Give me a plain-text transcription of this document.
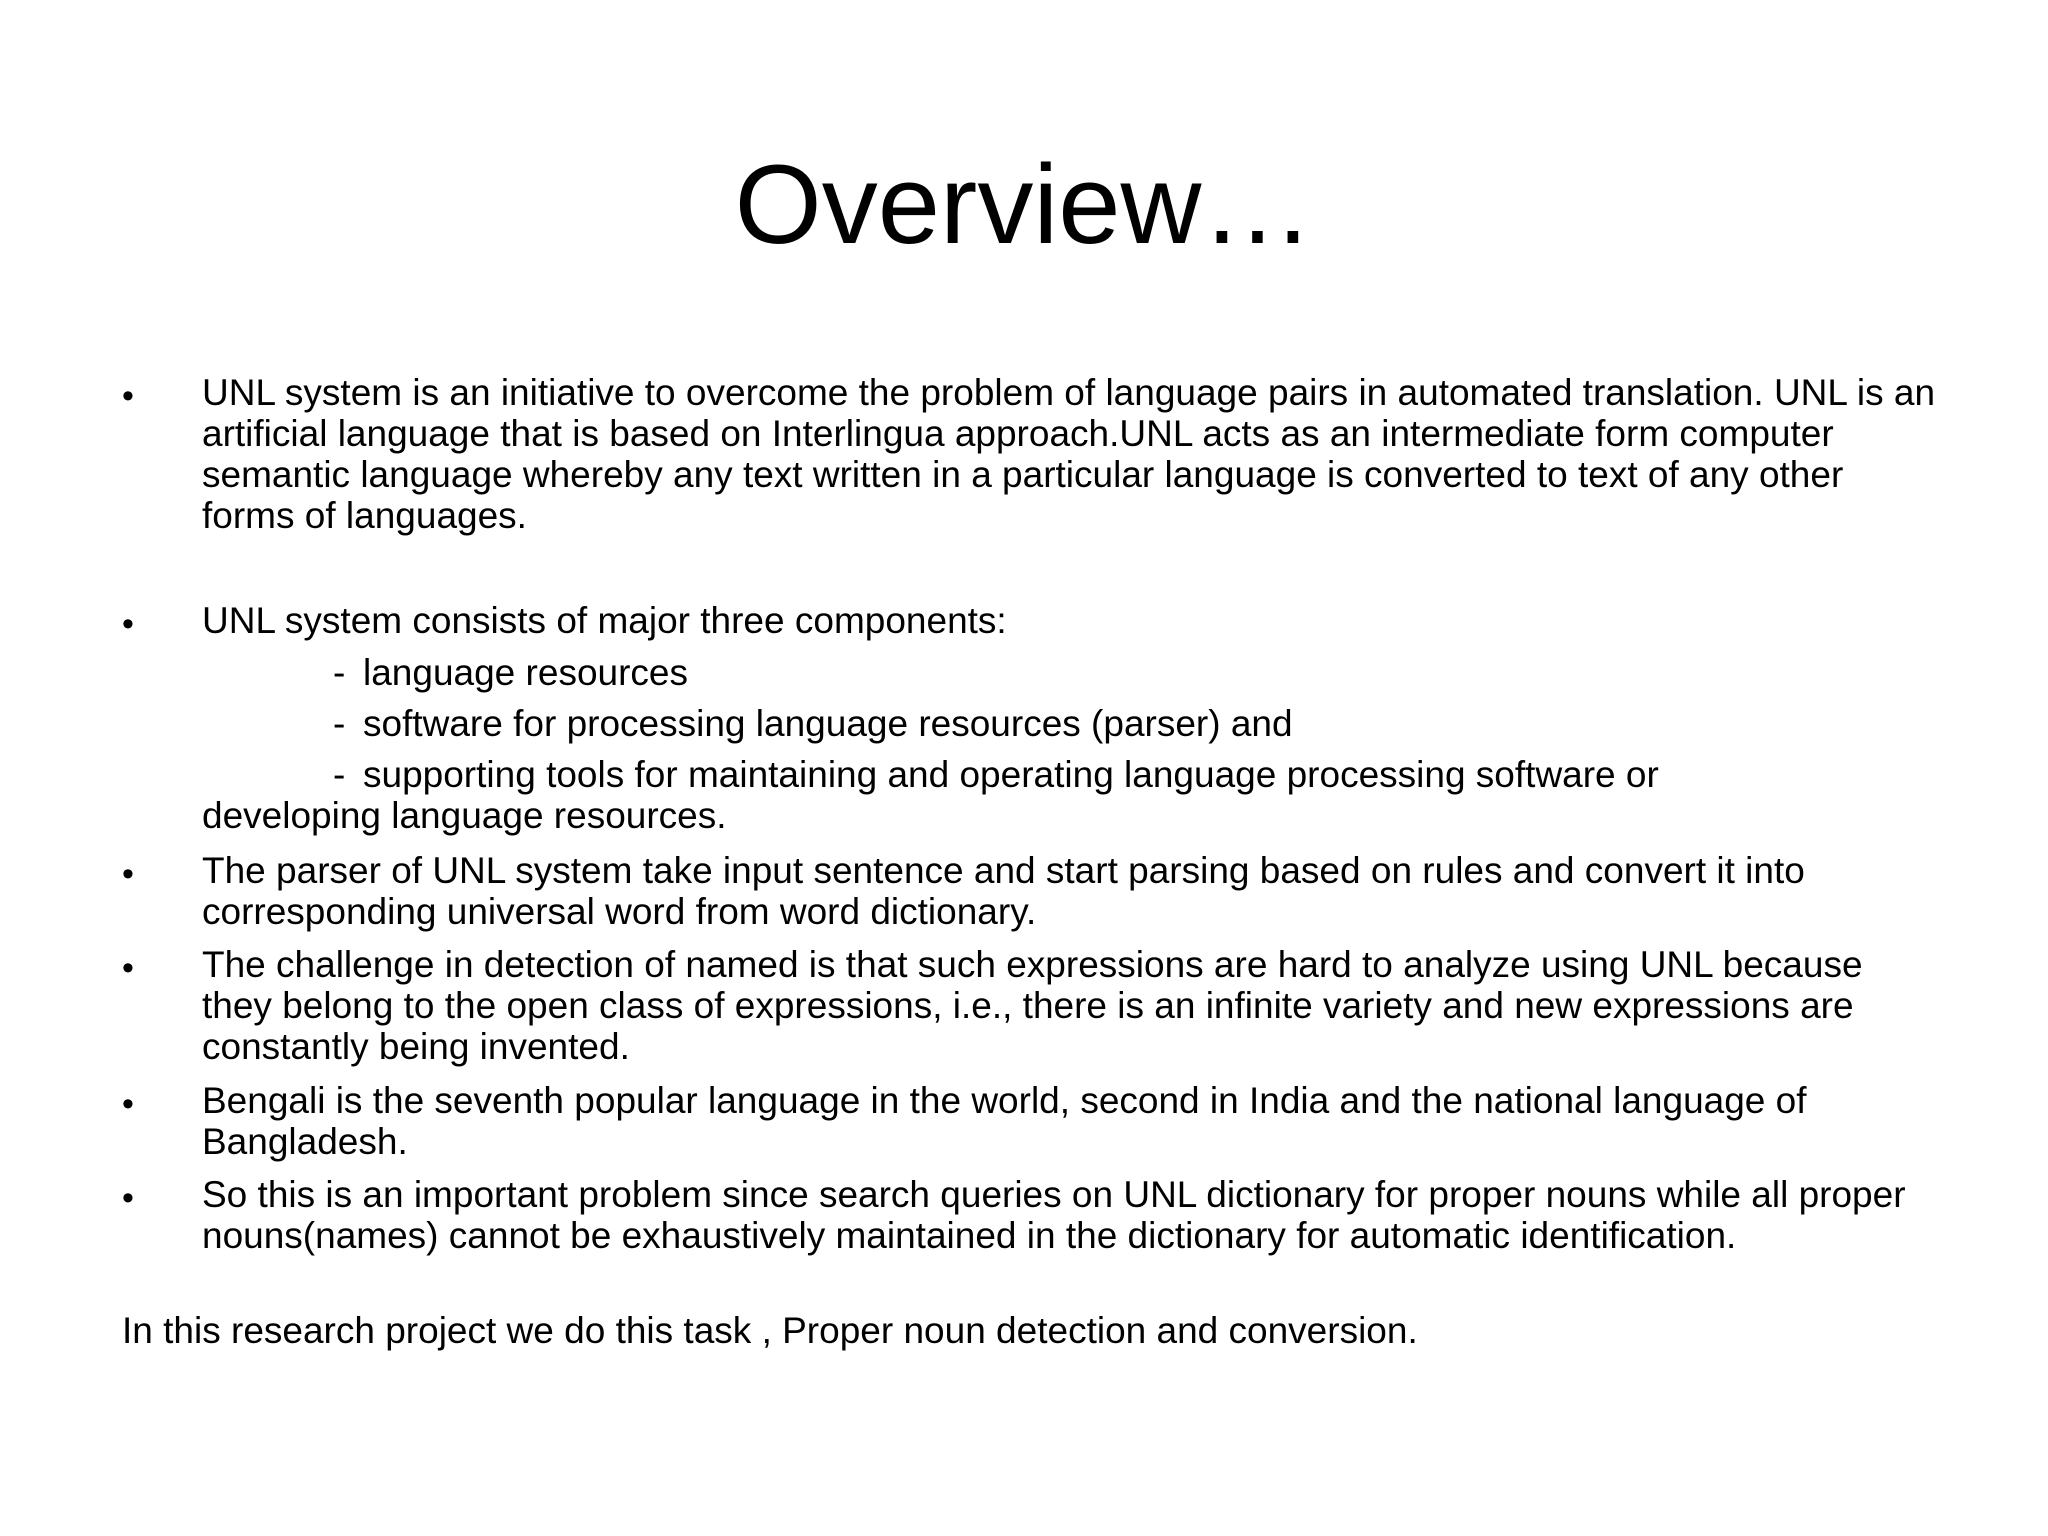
Overview…
• UNL system is an initiative to overcome the problem of language pairs in automated translation. UNL is an artificial language that is based on Interlingua approach.UNL acts as an intermediate form computer semantic language whereby any text written in a particular language is converted to text of any other forms of languages.
• UNL system consists of major three components:
- language resources
- software for processing language resources (parser) and
- supporting tools for maintaining and operating language processing software or
developing language resources.
• The parser of UNL system take input sentence and start parsing based on rules and convert it into corresponding universal word from word dictionary.
• The challenge in detection of named is that such expressions are hard to analyze using UNL because they belong to the open class of expressions, i.e., there is an infinite variety and new expressions are constantly being invented.
• Bengali is the seventh popular language in the world, second in India and the national language of Bangladesh.
• So this is an important problem since search queries on UNL dictionary for proper nouns while all proper nouns(names) cannot be exhaustively maintained in the dictionary for automatic identification.
In this research project we do this task , Proper noun detection and conversion.
